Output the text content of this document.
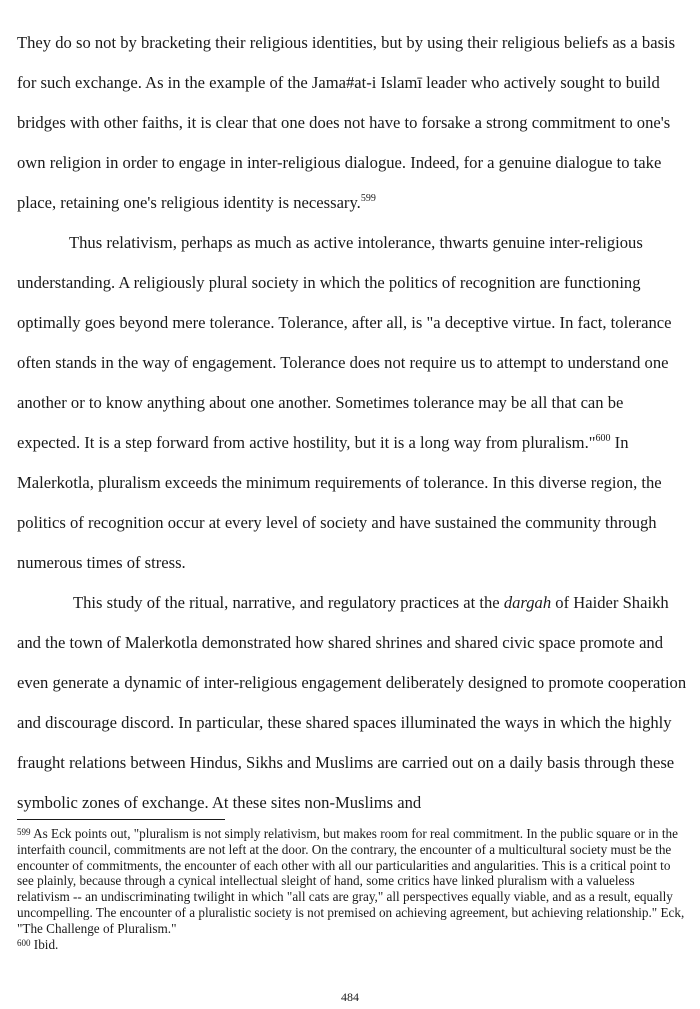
They do so not by bracketing their religious identities, but by using their religious beliefs as a basis for such exchange. As in the example of the Jama#at-i Islamī leader who actively sought to build bridges with other faiths, it is clear that one does not have to forsake a strong commitment to one's own religion in order to engage in inter-religious dialogue. Indeed, for a genuine dialogue to take place, retaining one's religious identity is necessary.$^{599}$

Thus relativism, perhaps as much as active intolerance, thwarts genuine inter-religious understanding. A religiously plural society in which the politics of recognition are functioning optimally goes beyond mere tolerance. Tolerance, after all, is "a deceptive virtue. In fact, tolerance often stands in the way of engagement. Tolerance does not require us to attempt to understand one another or to know anything about one another. Sometimes tolerance may be all that can be expected. It is a step forward from active hostility, but it is a long way from pluralism."$^{600}$ In Malerkotla, pluralism exceeds the minimum requirements of tolerance. In this diverse region, the politics of recognition occur at every level of society and have sustained the community through numerous times of stress.

This study of the ritual, narrative, and regulatory practices at the dargah of Haider Shaikh and the town of Malerkotla demonstrated how shared shrines and shared civic space promote and even generate a dynamic of inter-religious engagement deliberately designed to promote cooperation and discourage discord. In particular, these shared spaces illuminated the ways in which the highly fraught relations between Hindus, Sikhs and Muslims are carried out on a daily basis through these symbolic zones of exchange. At these sites non-Muslims and

$^{599}$ As Eck points out, "pluralism is not simply relativism, but makes room for real commitment. In the public square or in the interfaith council, commitments are not left at the door. On the contrary, the encounter of a multicultural society must be the encounter of commitments, the encounter of each other with all our particularities and angularities. This is a critical point to see plainly, because through a cynical intellectual sleight of hand, some critics have linked pluralism with a valueless relativism -- an undiscriminating twilight in which "all cats are gray," all perspectives equally viable, and as a result, equally uncompelling. The encounter of a pluralistic society is not premised on achieving agreement, but achieving relationship." Eck, "The Challenge of Pluralism."

$^{600}$ Ibid.

484
